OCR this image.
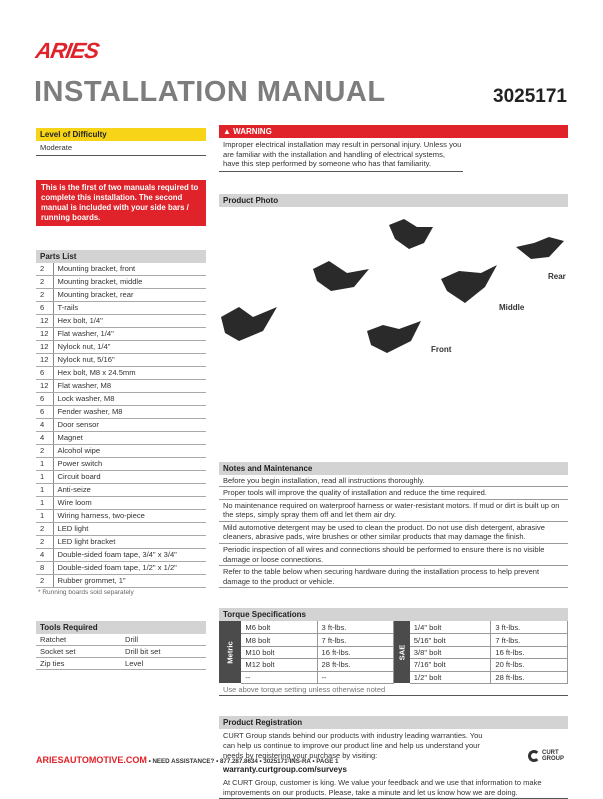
ARIES
INSTALLATION MANUAL	3025171
Level of Difficulty
Moderate
This is the first of two manuals required to complete this installation. The second manual is included with your side bars / running boards.
Parts List
2	Mounting bracket, front
2	Mounting bracket, middle
2	Mounting bracket, rear
6	T-rails
12	Hex bolt, 1/4"
12	Flat washer, 1/4"
12	Nylock nut, 1/4"
12	Nylock nut, 5/16"
6	Hex bolt, M8 x 24.5mm
12	Flat washer, M8
6	Lock washer, M8
6	Fender washer, M8
4	Door sensor
4	Magnet
2	Alcohol wipe
1	Power switch
1	Circuit board
1	Anti-seize
1	Wire loom
1	Wiring harness, two-piece
2	LED light
2	LED light bracket
4	Double-sided foam tape, 3/4" x 3/4"
8	Double-sided foam tape, 1/2" x 1/2"
2	Rubber grommet, 1"
* Running boards sold separately
Tools Required
Ratchet	Drill
Socket set	Drill bit set
Zip ties	Level
▲ WARNING
Improper electrical installation may result in personal injury. Unless you are familiar with the installation and handling of electrical systems, have this step performed by someone who has that familiarity.
Product Photo
Rear
Middle
Front
Notes and Maintenance
Before you begin installation, read all instructions thoroughly.
Proper tools will improve the quality of installation and reduce the time required.
No maintenance required on waterproof harness or water-resistant motors. If mud or dirt is built up on the steps, simply spray them off and let them air dry.
Mild automotive detergent may be used to clean the product. Do not use dish detergent, abrasive cleaners, abrasive pads, wire brushes or other similar products that may damage the finish.
Periodic inspection of all wires and connections should be performed to ensure there is no visible damage or loose connections.
Refer to the table below when securing hardware during the installation process to help prevent damage to the product or vehicle.
Torque Specifications
Metric	M6 bolt	3 ft-lbs.	SAE	1/4" bolt	3 ft-lbs.
	M8 bolt	7 ft-lbs.		5/16" bolt	7 ft-lbs.
	M10 bolt	16 ft-lbs.		3/8" bolt	16 ft-lbs.
	M12 bolt	28 ft-lbs.		7/16" bolt	20 ft-lbs.
	--	--		1/2" bolt	28 ft-lbs.
Use above torque setting unless otherwise noted
Product Registration
CURT Group stands behind our products with industry leading warranties. You can help us continue to improve our product line and help us understand your needs by registering your purchase by visiting:
warranty.curtgroup.com/surveys
At CURT Group, customer is king. We value your feedback and we use that information to make improvements on our products. Please, take a minute and let us know how we are doing.
ARIESAUTOMOTIVE.COM • NEED ASSISTANCE? • 877.287.8634 • 3025171-INS-RA • PAGE 1
CURT GROUP
